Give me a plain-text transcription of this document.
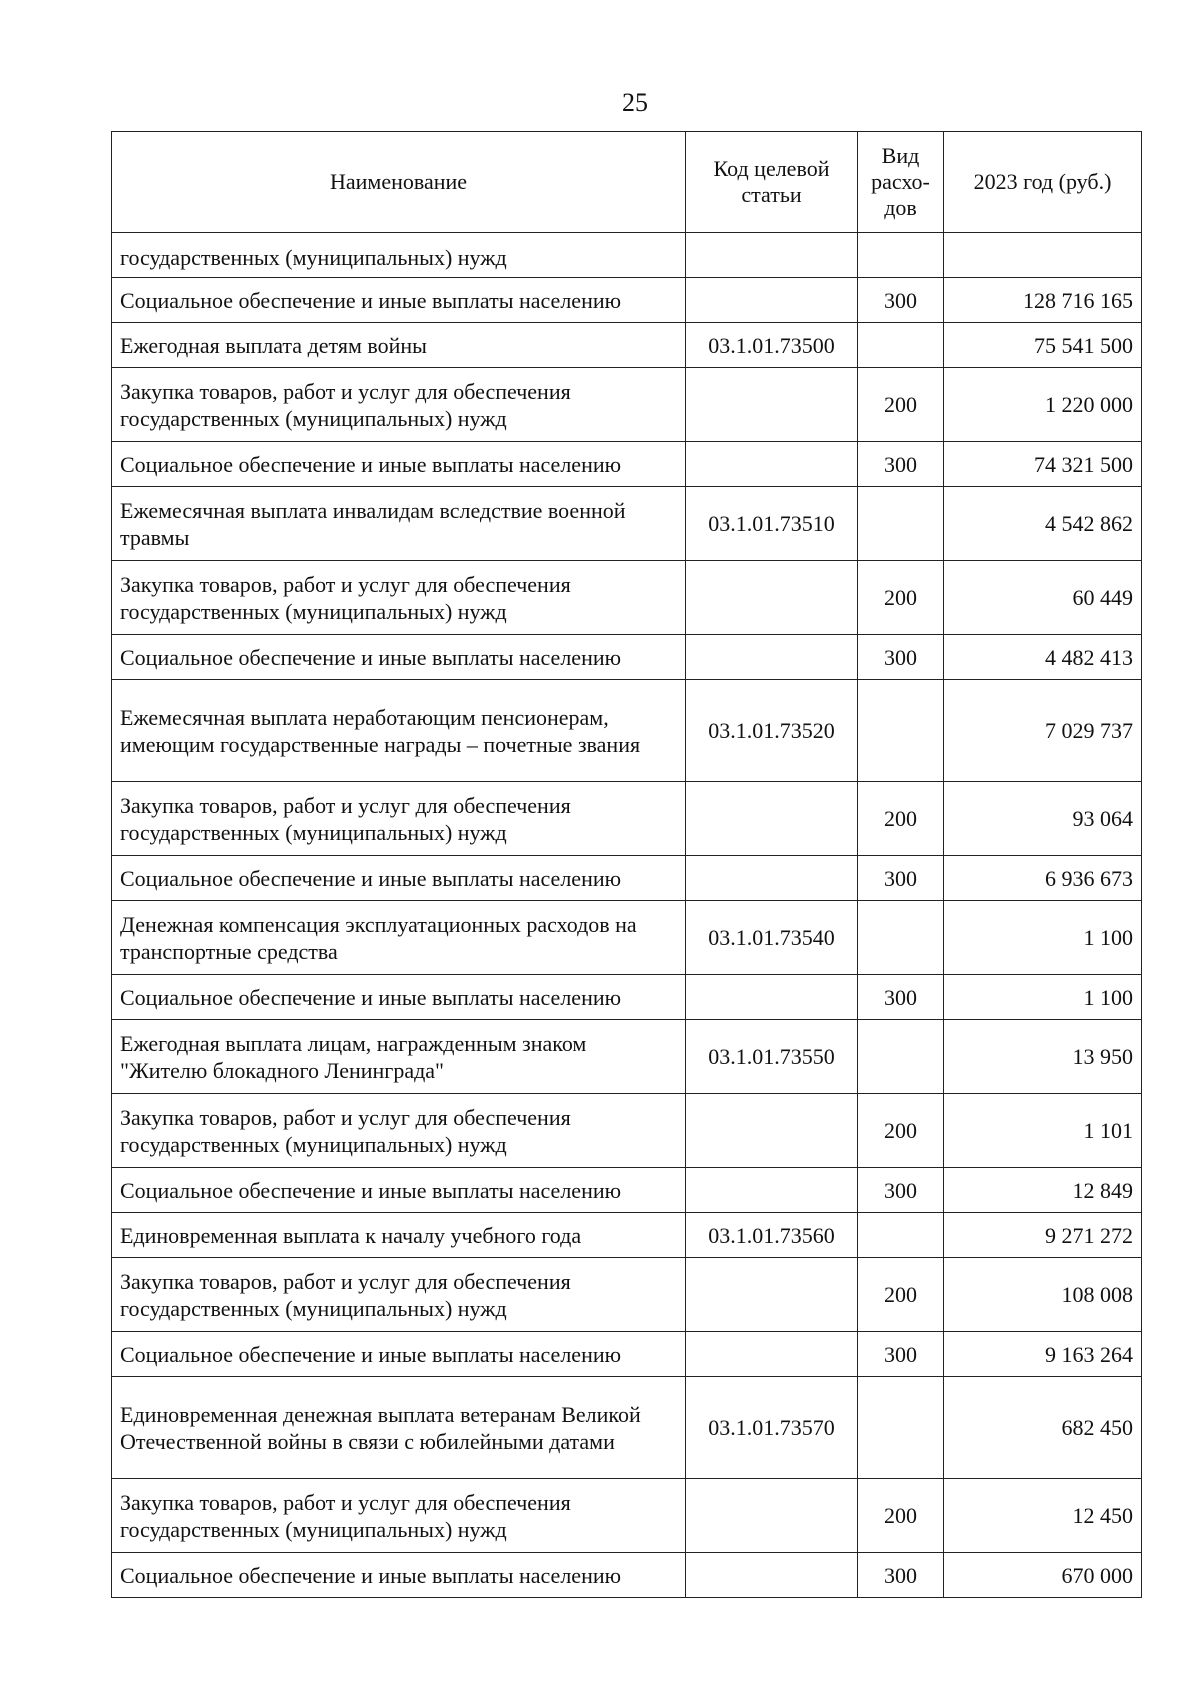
25
Наименование	Код целевой статьи	Вид расхо-дов	2023 год (руб.)
государственных (муниципальных) нужд			
Социальное обеспечение и иные выплаты населению		300	128 716 165
Ежегодная выплата детям войны	03.1.01.73500		75 541 500
Закупка товаров, работ и услуг для обеспечения государственных (муниципальных) нужд		200	1 220 000
Социальное обеспечение и иные выплаты населению		300	74 321 500
Ежемесячная выплата инвалидам вследствие военной травмы	03.1.01.73510		4 542 862
Закупка товаров, работ и услуг для обеспечения государственных (муниципальных) нужд		200	60 449
Социальное обеспечение и иные выплаты населению		300	4 482 413
Ежемесячная выплата неработающим пенсионерам, имеющим государственные награды – почетные звания	03.1.01.73520		7 029 737
Закупка товаров, работ и услуг для обеспечения государственных (муниципальных) нужд		200	93 064
Социальное обеспечение и иные выплаты населению		300	6 936 673
Денежная компенсация эксплуатационных расходов на транспортные средства	03.1.01.73540		1 100
Социальное обеспечение и иные выплаты населению		300	1 100
Ежегодная выплата лицам, награжденным знаком "Жителю блокадного Ленинграда"	03.1.01.73550		13 950
Закупка товаров, работ и услуг для обеспечения государственных (муниципальных) нужд		200	1 101
Социальное обеспечение и иные выплаты населению		300	12 849
Единовременная выплата к началу учебного года	03.1.01.73560		9 271 272
Закупка товаров, работ и услуг для обеспечения государственных (муниципальных) нужд		200	108 008
Социальное обеспечение и иные выплаты населению		300	9 163 264
Единовременная денежная выплата ветеранам Великой Отечественной войны в связи с юбилейными датами	03.1.01.73570		682 450
Закупка товаров, работ и услуг для обеспечения государственных (муниципальных) нужд		200	12 450
Социальное обеспечение и иные выплаты населению		300	670 000
